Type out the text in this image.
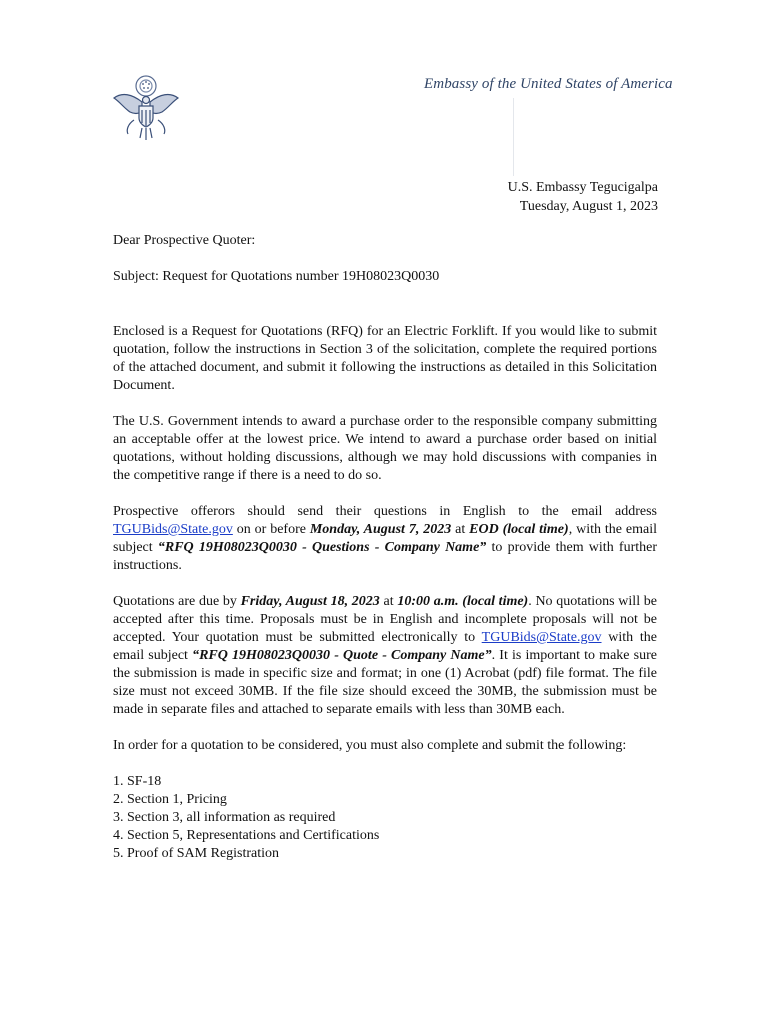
Embassy of the United States of America
U.S. Embassy Tegucigalpa
Tuesday, August 1, 2023

Dear Prospective Quoter:

Subject: Request for Quotations number 19H08023Q0030

Enclosed is a Request for Quotations (RFQ) for an Electric Forklift. If you would like to submit quotation, follow the instructions in Section 3 of the solicitation, complete the required portions of the attached document, and submit it following the instructions as detailed in this Solicitation Document.

The U.S. Government intends to award a purchase order to the responsible company submitting an acceptable offer at the lowest price. We intend to award a purchase order based on initial quotations, without holding discussions, although we may hold discussions with companies in the competitive range if there is a need to do so.

Prospective offerors should send their questions in English to the email address TGUBids@State.gov on or before Monday, August 7, 2023 at EOD (local time), with the email subject “RFQ 19H08023Q0030 - Questions - Company Name” to provide them with further instructions.

Quotations are due by Friday, August 18, 2023 at 10:00 a.m. (local time). No quotations will be accepted after this time. Proposals must be in English and incomplete proposals will not be accepted. Your quotation must be submitted electronically to TGUBids@State.gov with the email subject “RFQ 19H08023Q0030 - Quote - Company Name”. It is important to make sure the submission is made in specific size and format; in one (1) Acrobat (pdf) file format. The file size must not exceed 30MB. If the file size should exceed the 30MB, the submission must be made in separate files and attached to separate emails with less than 30MB each.

In order for a quotation to be considered, you must also complete and submit the following:

1. SF-18
2. Section 1, Pricing
3. Section 3, all information as required
4. Section 5, Representations and Certifications
5. Proof of SAM Registration
